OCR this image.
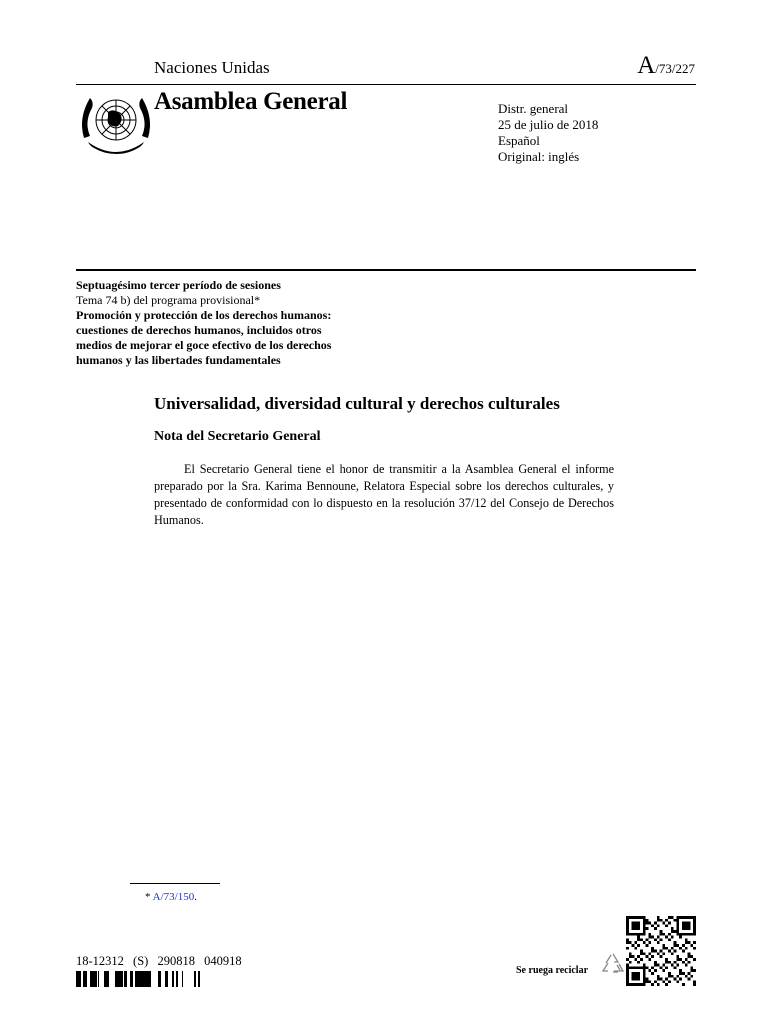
Naciones Unidas	A/73/227
Asamblea General	Distr. general
25 de julio de 2018
Español
Original: inglés
Septuagésimo tercer período de sesiones
Tema 74 b) del programa provisional*
Promoción y protección de los derechos humanos:
cuestiones de derechos humanos, incluidos otros
medios de mejorar el goce efectivo de los derechos
humanos y las libertades fundamentales
Universalidad, diversidad cultural y derechos culturales
Nota del Secretario General
El Secretario General tiene el honor de transmitir a la Asamblea General el informe preparado por la Sra. Karima Bennoune, Relatora Especial sobre los derechos culturales, y presentado de conformidad con lo dispuesto en la resolución 37/12 del Consejo de Derechos Humanos.
* A/73/150.
18-12312 (S) 290818 040918
Se ruega reciclar
